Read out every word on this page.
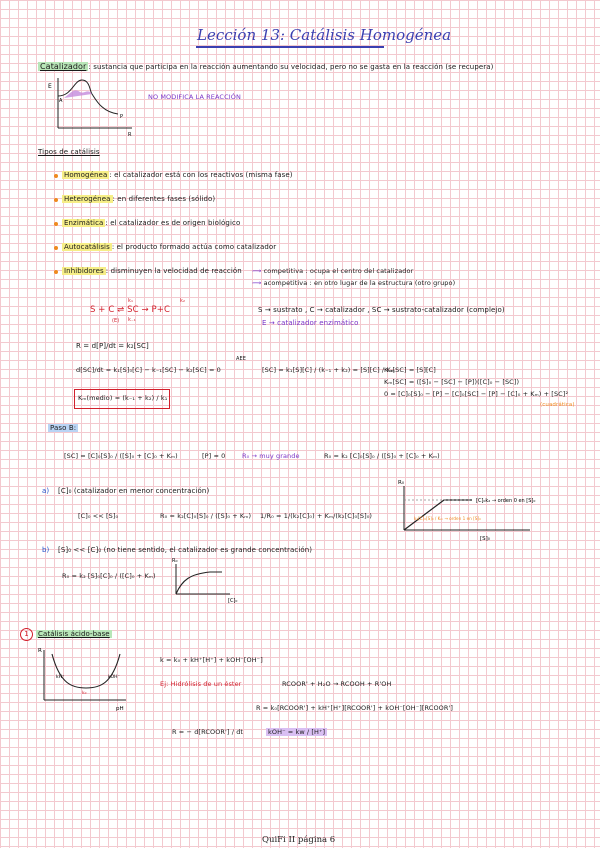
Lección 13: Catálisis Homogénea
Catalizador : sustancia que participa en la reacción aumentando su velocidad, pero no se gasta en la reacción (se recupera)
NO MODIFICA LA REACCIÓN
E
A
P
R
Tipos de catálisis
Homogénea : el catalizador está con los reactivos (misma fase)
Heterogénea : en diferentes fases (sólido)
Enzimática : el catalizador es de origen biológico
Autocatálisis : el producto formado actúa como catalizador
Inhibidores : disminuyen la velocidad de reacción ⟿ competitiva : ocupa el centro del catalizador
⟿ acompetitiva : en otro lugar de la estructura (otro grupo)
S + C ⇌ SC → P+C
k₁
k₋₁
k₂
(E)
S → sustrato , C → catalizador , SC → sustrato-catalizador (complejo)
E → catalizador enzimático
R = d[P]/dt = k₂[SC]
AEE
d[SC]/dt = k₁[S]₀[C] − k₋₁[SC] − k₂[SC] = 0	[SC] = k₁[S][C] / (k₋₁ + k₂) = [S][C] / Kₘ
Kₘ[SC] = [S][C]
Kₘ[SC] = ([S]₀ − [SC] − [P])([C]₀ − [SC])
0 = [C]₀[S]₀ − [P] − [C]₀[SC] − [P] − [C]₀ + Kₘ) + [SC]²
(cuadrática)
Kₘ(medio) = (k₋₁ + k₂) / k₁
Paso B:
[SC] = [C]₀[S]₀ / ([S]₀ + [C]₀ + Kₘ)	[P] ≈ 0	R₀ → muy grande	R₀ = k₂ [C]₀[S]₀ / ([S]₀ + [C]₀ + Kₘ)
a) [C]₀ (catalizador en menor concentración)
[C]₀ << [S]₀	R₀ = k₂[C]₀[S]₀ / ([S]₀ + Kₘ) 1/R₀ = 1/(k₂[C]₀) + Kₘ/(k₂[C]₀[S]₀)
R₀
[S]₀
[C]₀k₂ → orden 0 en [S]₀
k₂[C]₀[S]₀ / Kₘ → orden 1 en [S]₀
b) [S]₀ << [C]₀ (no tiene sentido, el catalizador es grande concentración)
R₀ = k₂ [S]₀[C]₀ / ([C]₀ + Kₘ)
R₀
[C]₀
1	Catálisis ácido-base
R
pH
kH⁺
k₀
kOH⁻
k = k₀ + kH⁺[H⁺] + kOH⁻[OH⁻]
Ej: Hidrólisis de un éster	RCOOR' + H₂O → RCOOH + R'OH
R = k₀[RCOOR'] + kH⁺[H⁺][RCOOR'] + kOH⁻[OH⁻][RCOOR']
R = − d[RCOOR'] / dt	kOH⁻ = kw / [H⁺]
QuiFi II página 6
